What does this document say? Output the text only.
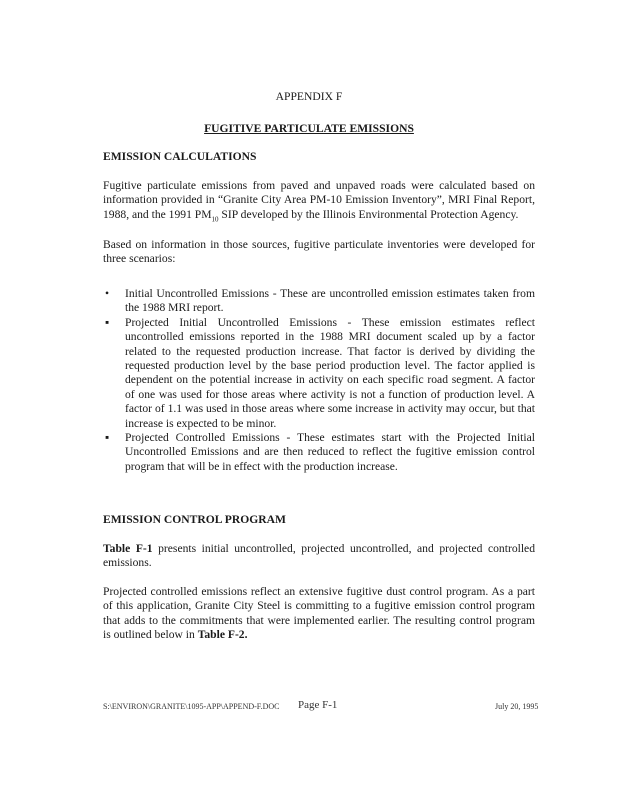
APPENDIX F
FUGITIVE PARTICULATE EMISSIONS
EMISSION CALCULATIONS
Fugitive particulate emissions from paved and unpaved roads were calculated based on information provided in “Granite City Area PM-10 Emission Inventory”, MRI Final Report, 1988, and the 1991 $PM_{10}$ SIP developed by the Illinois Environmental Protection Agency.
Based on information in those sources, fugitive particulate inventories were developed for three scenarios:
• Initial Uncontrolled Emissions - These are uncontrolled emission estimates taken from the 1988 MRI report.
▪ Projected Initial Uncontrolled Emissions - These emission estimates reflect uncontrolled emissions reported in the 1988 MRI document scaled up by a factor related to the requested production increase. That factor is derived by dividing the requested production level by the base period production level. The factor applied is dependent on the potential increase in activity on each specific road segment. A factor of one was used for those areas where activity is not a function of production level. A factor of 1.1 was used in those areas where some increase in activity may occur, but that increase is expected to be minor.
▪ Projected Controlled Emissions - These estimates start with the Projected Initial Uncontrolled Emissions and are then reduced to reflect the fugitive emission control program that will be in effect with the production increase.
EMISSION CONTROL PROGRAM
Table F-1 presents initial uncontrolled, projected uncontrolled, and projected controlled emissions.
Projected controlled emissions reflect an extensive fugitive dust control program. As a part of this application, Granite City Steel is committing to a fugitive emission control program that adds to the commitments that were implemented earlier. The resulting control program is outlined below in Table F-2.
S:\ENVIRON\GRANITE\1095-APP\APPEND-F.DOC Page F-1	July 20, 1995
